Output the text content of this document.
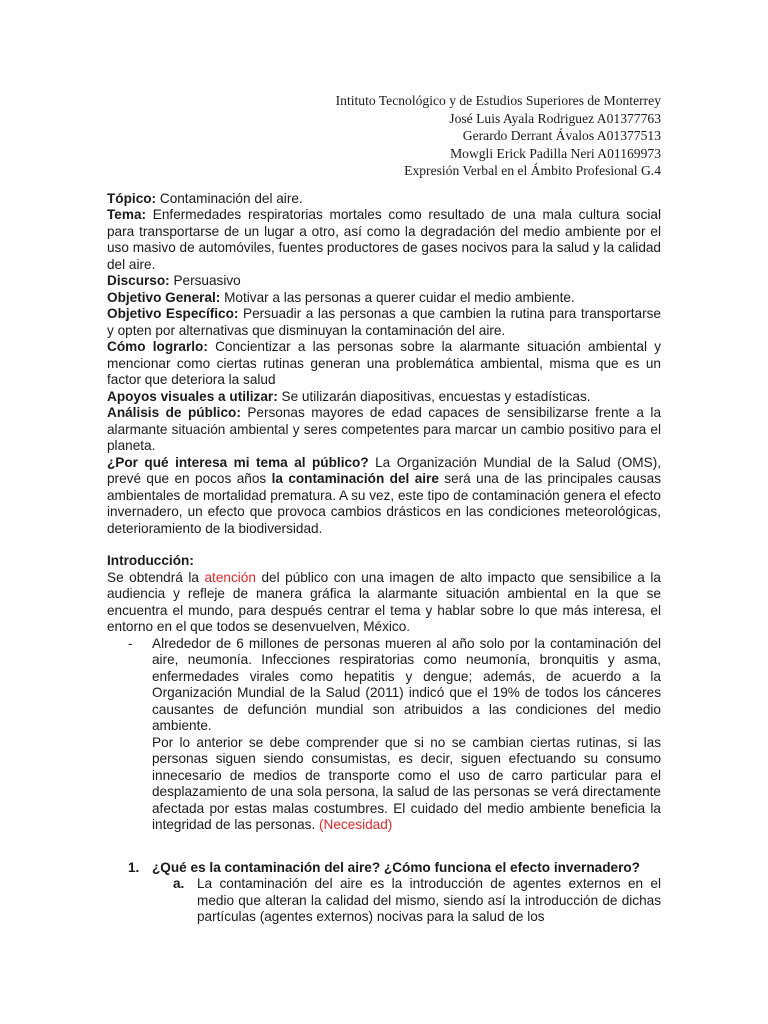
Intituto Tecnológico y de Estudios Superiores de Monterrey
José Luis Ayala Rodriguez A01377763
Gerardo Derrant Ávalos A01377513
Mowgli Erick Padilla Neri A01169973
Expresión Verbal en el Ámbito Profesional G.4

Tópico: Contaminación del aire.

Tema: Enfermedades respiratorias mortales como resultado de una mala cultura social para transportarse de un lugar a otro, así como la degradación del medio ambiente por el uso masivo de automóviles, fuentes productores de gases nocivos para la salud y la calidad del aire.

Discurso: Persuasivo

Objetivo General: Motivar a las personas a querer cuidar el medio ambiente.

Objetivo Específico: Persuadir a las personas a que cambien la rutina para transportarse y opten por alternativas que disminuyan la contaminación del aire.

Cómo lograrlo: Concientizar a las personas sobre la alarmante situación ambiental y mencionar como ciertas rutinas generan una problemática ambiental, misma que es un factor que deteriora la salud

Apoyos visuales a utilizar: Se utilizarán diapositivas, encuestas y estadísticas.

Análisis de público: Personas mayores de edad capaces de sensibilizarse frente a la alarmante situación ambiental y seres competentes para marcar un cambio positivo para el planeta.

¿Por qué interesa mi tema al público? La Organización Mundial de la Salud (OMS), prevé que en pocos años la contaminación del aire será una de las principales causas ambientales de mortalidad prematura. A su vez, este tipo de contaminación genera el efecto invernadero, un efecto que provoca cambios drásticos en las condiciones meteorológicas, deterioramiento de la biodiversidad.

Introducción:

Se obtendrá la atención del público con una imagen de alto impacto que sensibilice a la audiencia y refleje de manera gráfica la alarmante situación ambiental en la que se encuentra el mundo, para después centrar el tema y hablar sobre lo que más interesa, el entorno en el que todos se desenvuelven, México.

- Alrededor de 6 millones de personas mueren al año solo por la contaminación del aire, neumonía. Infecciones respiratorias como neumonía, bronquitis y asma, enfermedades virales como hepatitis y dengue; además, de acuerdo a la Organización Mundial de la Salud (2011) indicó que el 19% de todos los cánceres causantes de defunción mundial son atribuidos a las condiciones del medio ambiente.

Por lo anterior se debe comprender que si no se cambian ciertas rutinas, si las personas siguen siendo consumistas, es decir, siguen efectuando su consumo innecesario de medios de transporte como el uso de carro particular para el desplazamiento de una sola persona, la salud de las personas se verá directamente afectada por estas malas costumbres. El cuidado del medio ambiente beneficia la integridad de las personas. (Necesidad)

1. ¿Qué es la contaminación del aire? ¿Cómo funciona el efecto invernadero?

a. La contaminación del aire es la introducción de agentes externos en el medio que alteran la calidad del mismo, siendo así la introducción de dichas partículas (agentes externos) nocivas para la salud de los
